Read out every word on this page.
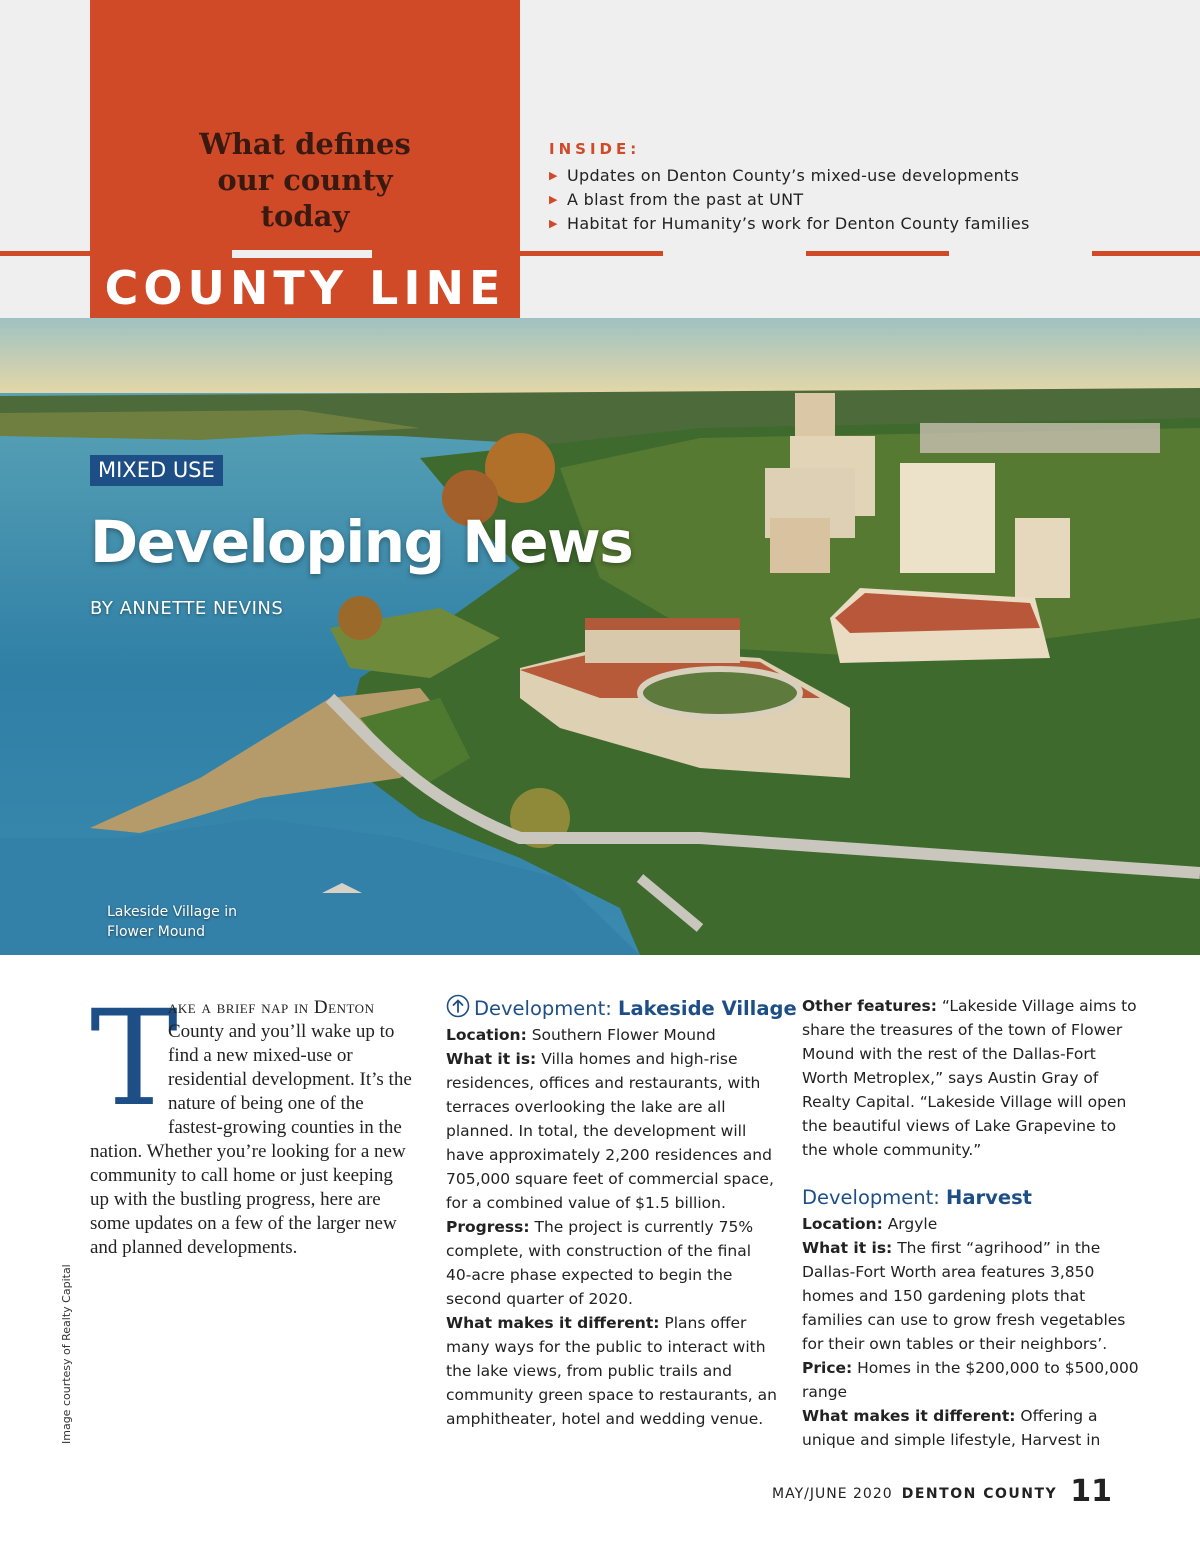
What defines
our county
today
COUNTY LINE
INSIDE:
▶ Updates on Denton County’s mixed-use developments
▶ A blast from the past at UNT
▶ Habitat for Humanity’s work for Denton County families
MIXED USE
Developing News
BY ANNETTE NEVINS
Lakeside Village in Flower Mound
Image courtesy of Realty Capital
T
ake a brief nap in Denton County and you’ll wake up to find a new mixed-use or residential development. It’s the nature of being one of the fastest-growing counties in the nation. Whether you’re looking for a new community to call home or just keeping up with the bustling progress, here are some updates on a few of the larger new and planned developments.
Development: Lakeside Village

Location: Southern Flower Mound

What it is: Villa homes and high-rise residences, offices and restaurants, with terraces overlooking the lake are all planned. In total, the development will have approximately 2,200 residences and 705,000 square feet of commercial space, for a combined value of $1.5 billion.

Progress: The project is currently 75% complete, with construction of the final 40-acre phase expected to begin the second quarter of 2020.

What makes it different: Plans offer many ways for the public to interact with the lake views, from public trails and community green space to restaurants, an amphitheater, hotel and wedding venue.

Other features: “Lakeside Village aims to share the treasures of the town of Flower Mound with the rest of the Dallas-Fort Worth Metroplex,” says Austin Gray of Realty Capital. “Lakeside Village will open the beautiful views of Lake Grapevine to the whole community.”

Development: Harvest

Location: Argyle

What it is: The first “agrihood” in the Dallas-Fort Worth area features 3,850 homes and 150 gardening plots that families can use to grow fresh vegetables for their own tables or their neighbors’.

Price: Homes in the $200,000 to $500,000 range

What makes it different: Offering a unique and simple lifestyle, Harvest in

MAY/JUNE 2020 DENTON COUNTY 11
